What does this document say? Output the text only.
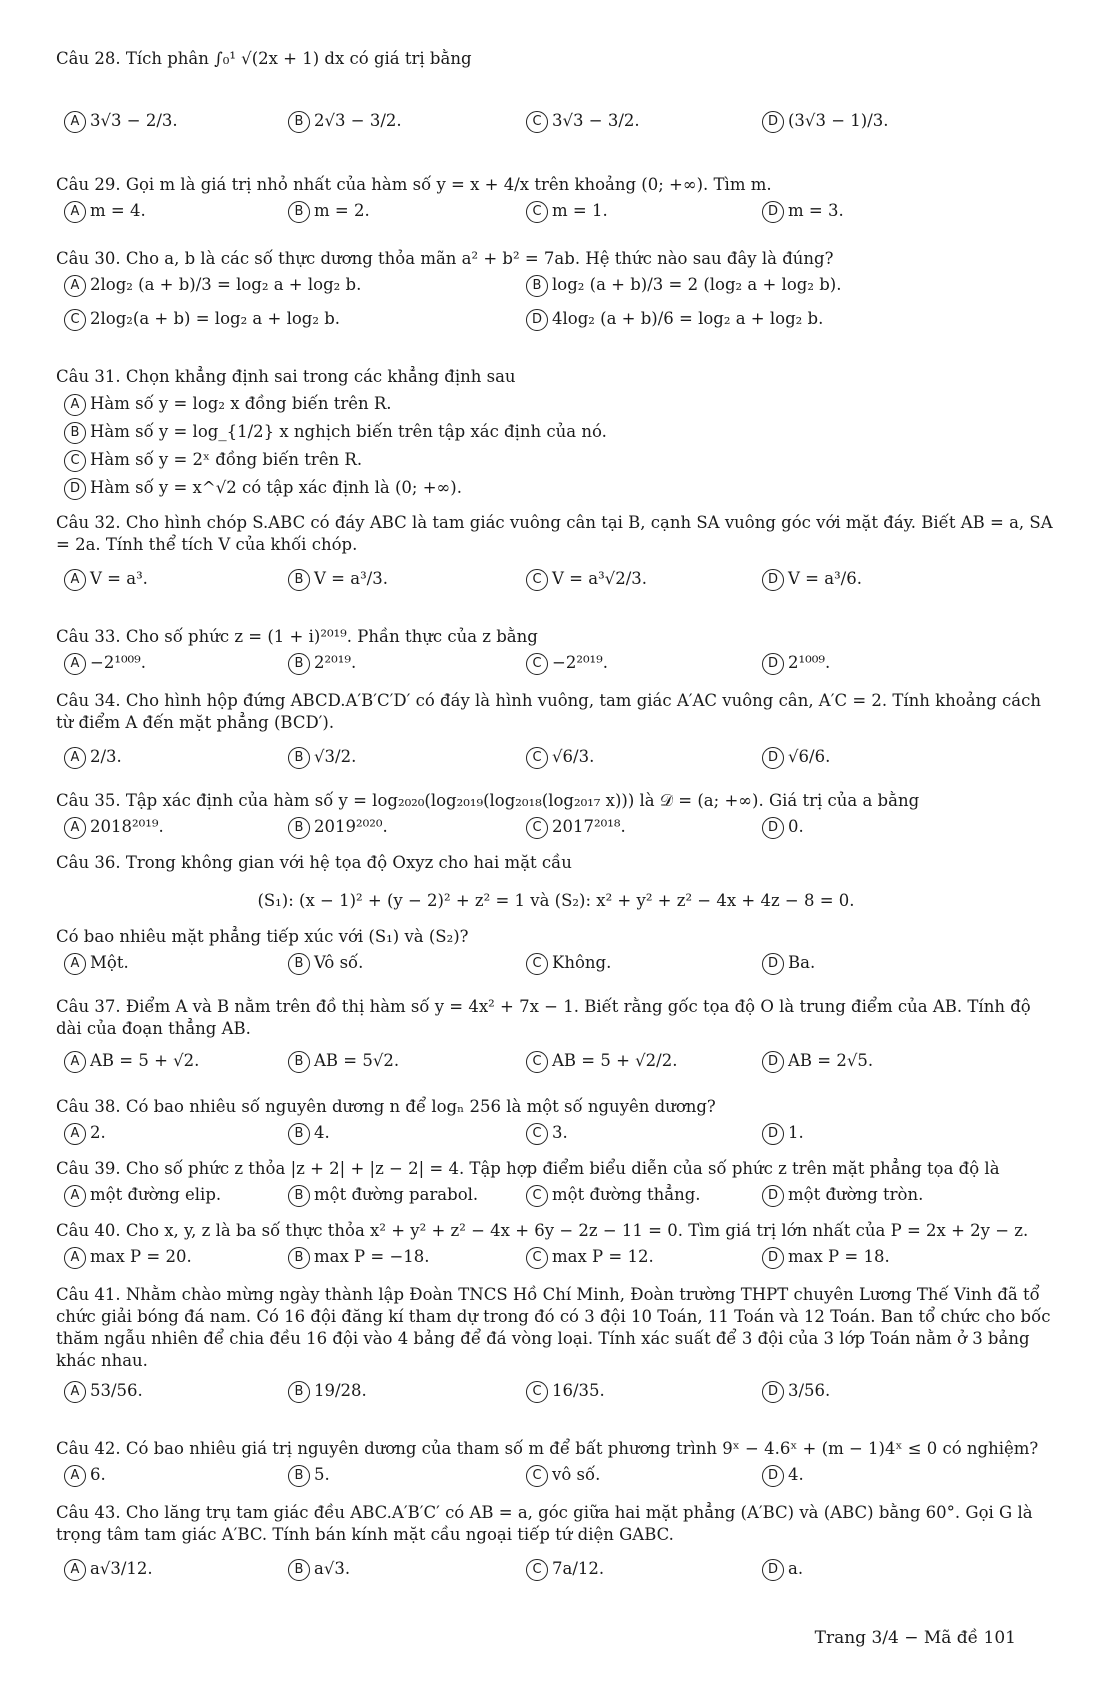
Câu 28. Tích phân ∫₀¹ √(2x + 1) dx có giá trị bằng

A 3√3 − 2/3.	B 2√3 − 3/2.	C 3√3 − 3/2.	D (3√3 − 1)/3.

Câu 29. Gọi m là giá trị nhỏ nhất của hàm số y = x + 4/x trên khoảng (0; +∞). Tìm m.

A m = 4.	B m = 2.	C m = 1.	D m = 3.

Câu 30. Cho a, b là các số thực dương thỏa mãn a² + b² = 7ab. Hệ thức nào sau đây là đúng?

A 2log₂ (a + b)/3 = log₂ a + log₂ b.	B log₂ (a + b)/3 = 2 (log₂ a + log₂ b).
C 2log₂(a + b) = log₂ a + log₂ b.	D 4log₂ (a + b)/6 = log₂ a + log₂ b.

Câu 31. Chọn khẳng định sai trong các khẳng định sau

A Hàm số y = log₂ x đồng biến trên R.
B Hàm số y = log_{1/2} x nghịch biến trên tập xác định của nó.
C Hàm số y = 2ˣ đồng biến trên R.
D Hàm số y = x^√2 có tập xác định là (0; +∞).

Câu 32. Cho hình chóp S.ABC có đáy ABC là tam giác vuông cân tại B, cạnh SA vuông góc với mặt đáy. Biết AB = a, SA = 2a. Tính thể tích V của khối chóp.

A V = a³.	B V = a³/3.	C V = a³√2/3.	D V = a³/6.

Câu 33. Cho số phức z = (1 + i)²⁰¹⁹. Phần thực của z bằng

A −2¹⁰⁰⁹.	B 2²⁰¹⁹.	C −2²⁰¹⁹.	D 2¹⁰⁰⁹.

Câu 34. Cho hình hộp đứng ABCD.A′B′C′D′ có đáy là hình vuông, tam giác A′AC vuông cân, A′C = 2. Tính khoảng cách từ điểm A đến mặt phẳng (BCD′).

A 2/3.	B √3/2.	C √6/3.	D √6/6.

Câu 35. Tập xác định của hàm số y = log₂₀₂₀(log₂₀₁₉(log₂₀₁₈(log₂₀₁₇ x))) là 𝒟 = (a; +∞). Giá trị của a bằng

A 2018²⁰¹⁹.	B 2019²⁰²⁰.	C 2017²⁰¹⁸.	D 0.

Câu 36. Trong không gian với hệ tọa độ Oxyz cho hai mặt cầu

(S₁): (x − 1)² + (y − 2)² + z² = 1 và (S₂): x² + y² + z² − 4x + 4z − 8 = 0.

Có bao nhiêu mặt phẳng tiếp xúc với (S₁) và (S₂)?

A Một.	B Vô số.	C Không.	D Ba.

Câu 37. Điểm A và B nằm trên đồ thị hàm số y = 4x² + 7x − 1. Biết rằng gốc tọa độ O là trung điểm của AB. Tính độ dài của đoạn thẳng AB.

A AB = 5 + √2.	B AB = 5√2.	C AB = 5 + √2/2.	D AB = 2√5.

Câu 38. Có bao nhiêu số nguyên dương n để logₙ 256 là một số nguyên dương?

A 2.	B 4.	C 3.	D 1.

Câu 39. Cho số phức z thỏa |z + 2| + |z − 2| = 4. Tập hợp điểm biểu diễn của số phức z trên mặt phẳng tọa độ là

A một đường elip.	B một đường parabol.	C một đường thẳng.	D một đường tròn.

Câu 40. Cho x, y, z là ba số thực thỏa x² + y² + z² − 4x + 6y − 2z − 11 = 0. Tìm giá trị lớn nhất của P = 2x + 2y − z.

A max P = 20.	B max P = −18.	C max P = 12.	D max P = 18.

Câu 41. Nhằm chào mừng ngày thành lập Đoàn TNCS Hồ Chí Minh, Đoàn trường THPT chuyên Lương Thế Vinh đã tổ chức giải bóng đá nam. Có 16 đội đăng kí tham dự trong đó có 3 đội 10 Toán, 11 Toán và 12 Toán. Ban tổ chức cho bốc thăm ngẫu nhiên để chia đều 16 đội vào 4 bảng để đá vòng loại. Tính xác suất để 3 đội của 3 lớp Toán nằm ở 3 bảng khác nhau.

A 53/56.	B 19/28.	C 16/35.	D 3/56.

Câu 42. Có bao nhiêu giá trị nguyên dương của tham số m để bất phương trình 9ˣ − 4.6ˣ + (m − 1)4ˣ ≤ 0 có nghiệm?

A 6.	B 5.	C vô số.	D 4.

Câu 43. Cho lăng trụ tam giác đều ABC.A′B′C′ có AB = a, góc giữa hai mặt phẳng (A′BC) và (ABC) bằng 60°. Gọi G là trọng tâm tam giác A′BC. Tính bán kính mặt cầu ngoại tiếp tứ diện GABC.

A a√3/12.	B a√3.	C 7a/12.	D a.
Trang 3/4 − Mã đề 101
